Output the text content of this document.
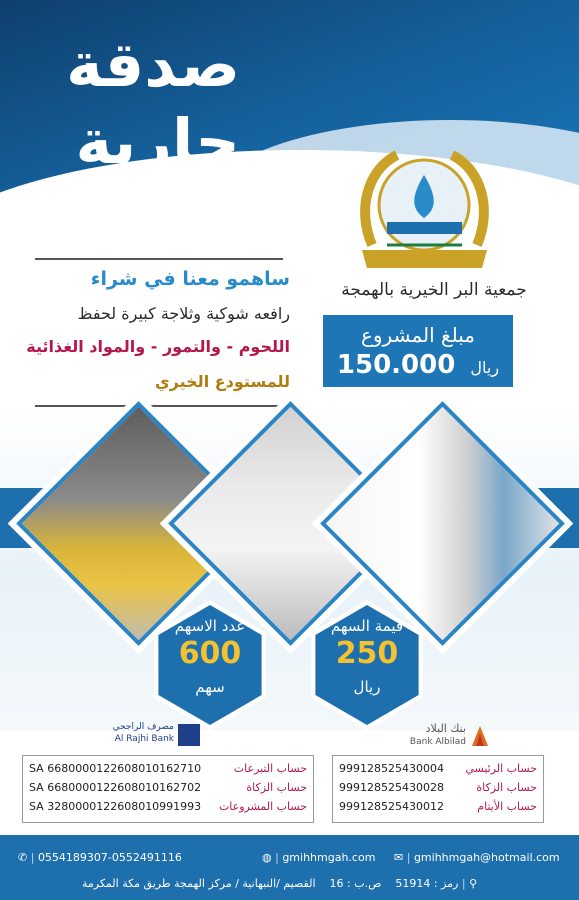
صدقة
جارية
جمعية البر الخيرية بالهمجة
مبلغ المشروع
ريال 150.000
ساهمو معنا في شراء
رافعه شوكية وثلاجة كبيرة لحفظ
اللحوم - والتمور - والمواد الغذائية
للمستودع الخيري
عدد الاسهم
600
سهم
قيمة السهم
250
ريال
مصرف الراجحي
Al Rajhi Bank
بنك البلاد
Bank Albilad
SA 6680000122608010162710	حساب التبرعات
SA 6680000122608010162702	حساب الزكاة
SA 3280000122608010991993 حساب المشروعات
999128525430004 حساب الرئيسي
999128525430028	حساب الزكاة
999128525430012	حساب الأيتام
✆ | 0554189307-0552491116	◍ | gmihhmgah.com ✉ | gmihhmgah@hotmail.com
رمز : 51914    ص.ب : 16    القصيم /النبهانية / مركز الهمجة طريق مكة المكرمة	| ⚲
